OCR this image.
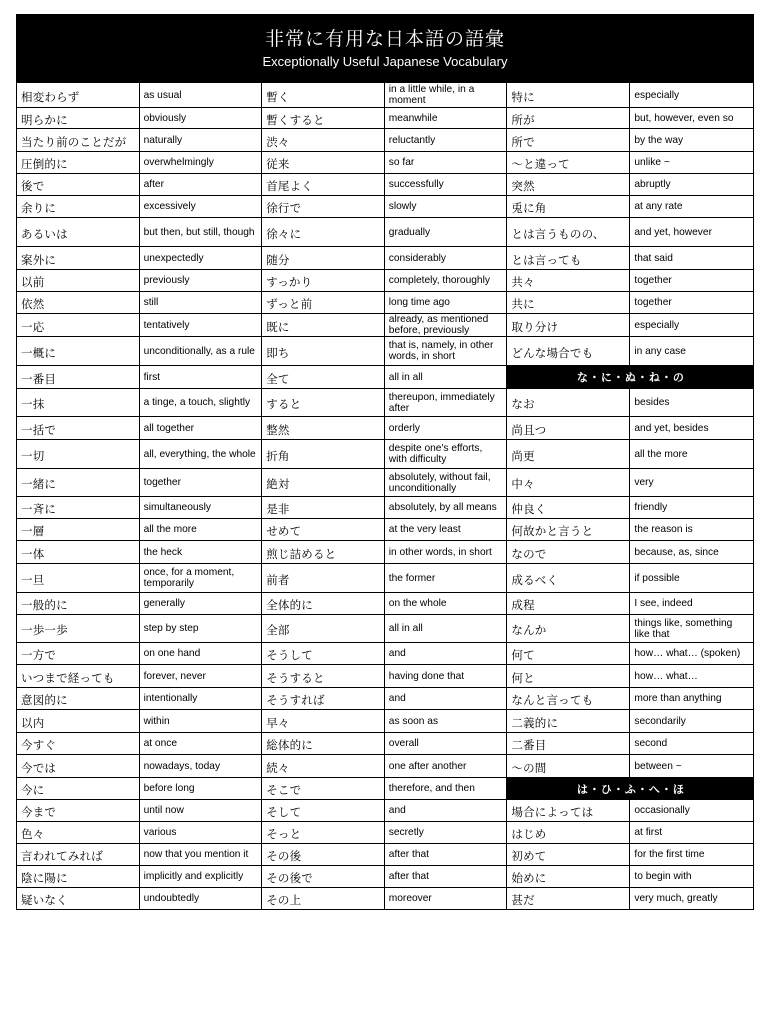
非常に有用な日本語の語彙
Exceptionally Useful Japanese Vocabulary
相変わらず
明らかに
当たり前のことだが
圧倒的に
後で
余りに
あるいは
案外に
以前
依然
一応
一概に
一番目
一抹
一括で
一切
一緒に
一斉に
一層
一体
一旦
一般的に
一歩一歩
一方で
いつまで経っても
意図的に
以内
今すぐ
今では
今に
今まで
色々
言われてみれば
陰に陽に
疑いなく
as usual
obviously
naturally
overwhelmingly
after
excessively
but then, but still, though
unexpectedly
previously
still
tentatively
unconditionally, as a rule
first
a tinge, a touch, slightly
all together
all, everything, the whole
together
simultaneously
all the more
the heck
once, for a moment, temporarily
generally
step by step
on one hand
forever, never
intentionally
within
at once
nowadays, today
before long
until now
various
now that you mention it
implicitly and explicitly
undoubtedly
暫く
暫くすると
渋々
従来
首尾よく
徐行で
徐々に
随分
すっかり
ずっと前
既に
即ち
全て
すると
整然
折角
絶対
是非
せめて
煎じ詰めると
前者
全体的に
全部
そうして
そうすると
そうすれば
早々
総体的に
続々
そこで
そして
そっと
その後
その後で
その上
in a little while, in a moment
meanwhile
reluctantly
so far
successfully
slowly
gradually
considerably
completely, thoroughly
long time ago
already, as mentioned before, previously
that is, namely, in other words, in short
all in all
thereupon, immediately after
orderly
despite one's efforts, with difficulty
absolutely, without fail, unconditionally
absolutely, by all means
at the very least
in other words, in short
the former
on the whole
all in all
and
having done that
and
as soon as
overall
one after another
therefore, and then
and
secretly
after that
after that
moreover
特に
所が
所で
～と違って
突然
兎に角
とは言うものの、
とは言っても
共々
共に
取り分け
どんな場合でも
な・に・ぬ・ね・の
なお
尚且つ
尚更
中々
仲良く
何故かと言うと
なので
成るべく
成程
なんか
何て
何と
なんと言っても
二義的に
二番目
～の間
は・ひ・ふ・へ・ほ
場合によっては
はじめ
初めて
始めに
甚だ
especially
but, however, even so
by the way
unlike ~
abruptly
at any rate
and yet, however
that said
together
together
especially
in any case
besides
and yet, besides
all the more
very
friendly
the reason is
because, as, since
if possible
I see, indeed
things like, something like that
how… what… (spoken)
how… what…
more than anything
secondarily
second
between ~
occasionally
at first
for the first time
to begin with
very much, greatly
